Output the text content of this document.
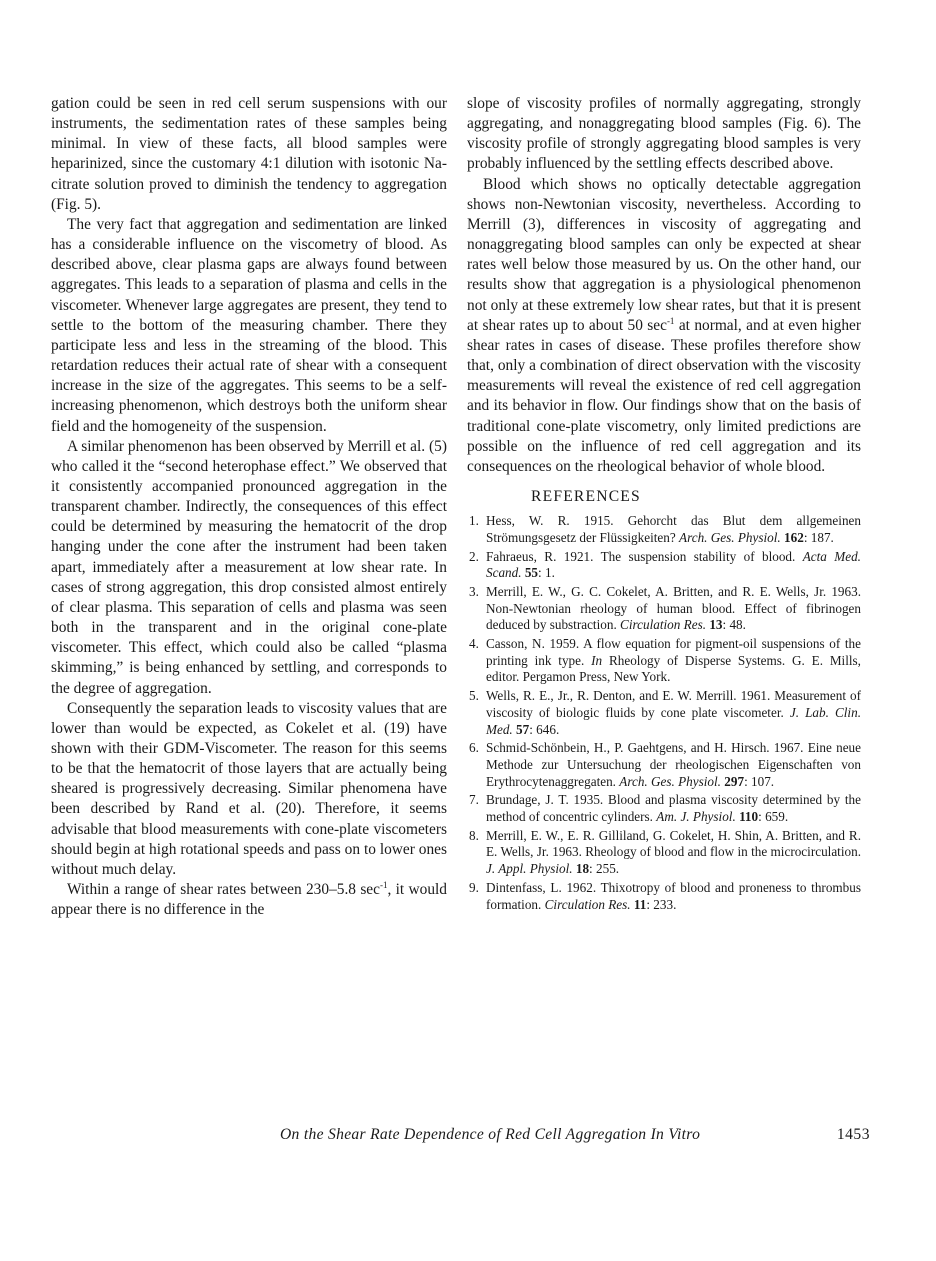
gation could be seen in red cell serum suspensions with our instruments, the sedimentation rates of these samples being minimal. In view of these facts, all blood samples were heparinized, since the customary 4:1 dilution with isotonic Na-citrate solution proved to diminish the tendency to aggregation (Fig. 5).

The very fact that aggregation and sedimentation are linked has a considerable influence on the viscometry of blood. As described above, clear plasma gaps are always found between aggregates. This leads to a separation of plasma and cells in the viscometer. Whenever large aggregates are present, they tend to settle to the bottom of the measuring chamber. There they participate less and less in the streaming of the blood. This retardation reduces their actual rate of shear with a consequent increase in the size of the aggregates. This seems to be a self-increasing phenomenon, which destroys both the uniform shear field and the homogeneity of the suspension.

A similar phenomenon has been observed by Merrill et al. (5) who called it the “second heterophase effect.” We observed that it consistently accompanied pronounced aggregation in the transparent chamber. Indirectly, the consequences of this effect could be determined by measuring the hematocrit of the drop hanging under the cone after the instrument had been taken apart, immediately after a measurement at low shear rate. In cases of strong aggregation, this drop consisted almost entirely of clear plasma. This separation of cells and plasma was seen both in the transparent and in the original cone-plate viscometer. This effect, which could also be called “plasma skimming,” is being enhanced by settling, and corresponds to the degree of aggregation.

Consequently the separation leads to viscosity values that are lower than would be expected, as Cokelet et al. (19) have shown with their GDM-Viscometer. The reason for this seems to be that the hematocrit of those layers that are actually being sheared is progressively decreasing. Similar phenomena have been described by Rand et al. (20). Therefore, it seems advisable that blood measurements with cone-plate viscometers should begin at high rotational speeds and pass on to lower ones without much delay.

Within a range of shear rates between 230–5.8 $\sec^{-1}$, it would appear there is no difference in the

slope of viscosity profiles of normally aggregating, strongly aggregating, and nonaggregating blood samples (Fig. 6). The viscosity profile of strongly aggregating blood samples is very probably influenced by the settling effects described above.

Blood which shows no optically detectable aggregation shows non-Newtonian viscosity, nevertheless. According to Merrill (3), differences in viscosity of aggregating and nonaggregating blood samples can only be expected at shear rates well below those measured by us. On the other hand, our results show that aggregation is a physiological phenomenon not only at these extremely low shear rates, but that it is present at shear rates up to about 50 $\sec^{-1}$ at normal, and at even higher shear rates in cases of disease. These profiles therefore show that, only a combination of direct observation with the viscosity measurements will reveal the existence of red cell aggregation and its behavior in flow. Our findings show that on the basis of traditional cone-plate viscometry, only limited predictions are possible on the influence of red cell aggregation and its consequences on the rheological behavior of whole blood.

REFERENCES
1. Hess, W. R. 1915. Gehorcht das Blut dem allgemeinen Strömungsgesetz der Flüssigkeiten? Arch. Ges. Physiol. 162: 187.
2. Fahraeus, R. 1921. The suspension stability of blood. Acta Med. Scand. 55: 1.
3. Merrill, E. W., G. C. Cokelet, A. Britten, and R. E. Wells, Jr. 1963. Non-Newtonian rheology of human blood. Effect of fibrinogen deduced by substraction. Circulation Res. 13: 48.
4. Casson, N. 1959. A flow equation for pigment-oil suspensions of the printing ink type. In Rheology of Disperse Systems. G. E. Mills, editor. Pergamon Press, New York.
5. Wells, R. E., Jr., R. Denton, and E. W. Merrill. 1961. Measurement of viscosity of biologic fluids by cone plate viscometer. J. Lab. Clin. Med. 57: 646.
6. Schmid-Schönbein, H., P. Gaehtgens, and H. Hirsch. 1967. Eine neue Methode zur Untersuchung der rheologischen Eigenschaften von Erythrocytenaggregaten. Arch. Ges. Physiol. 297: 107.
7. Brundage, J. T. 1935. Blood and plasma viscosity determined by the method of concentric cylinders. Am. J. Physiol. 110: 659.
8. Merrill, E. W., E. R. Gilliland, G. Cokelet, H. Shin, A. Britten, and R. E. Wells, Jr. 1963. Rheology of blood and flow in the microcirculation. J. Appl. Physiol. 18: 255.
9. Dintenfass, L. 1962. Thixotropy of blood and proneness to thrombus formation. Circulation Res. 11: 233.
On the Shear Rate Dependence of Red Cell Aggregation In Vitro	1453
